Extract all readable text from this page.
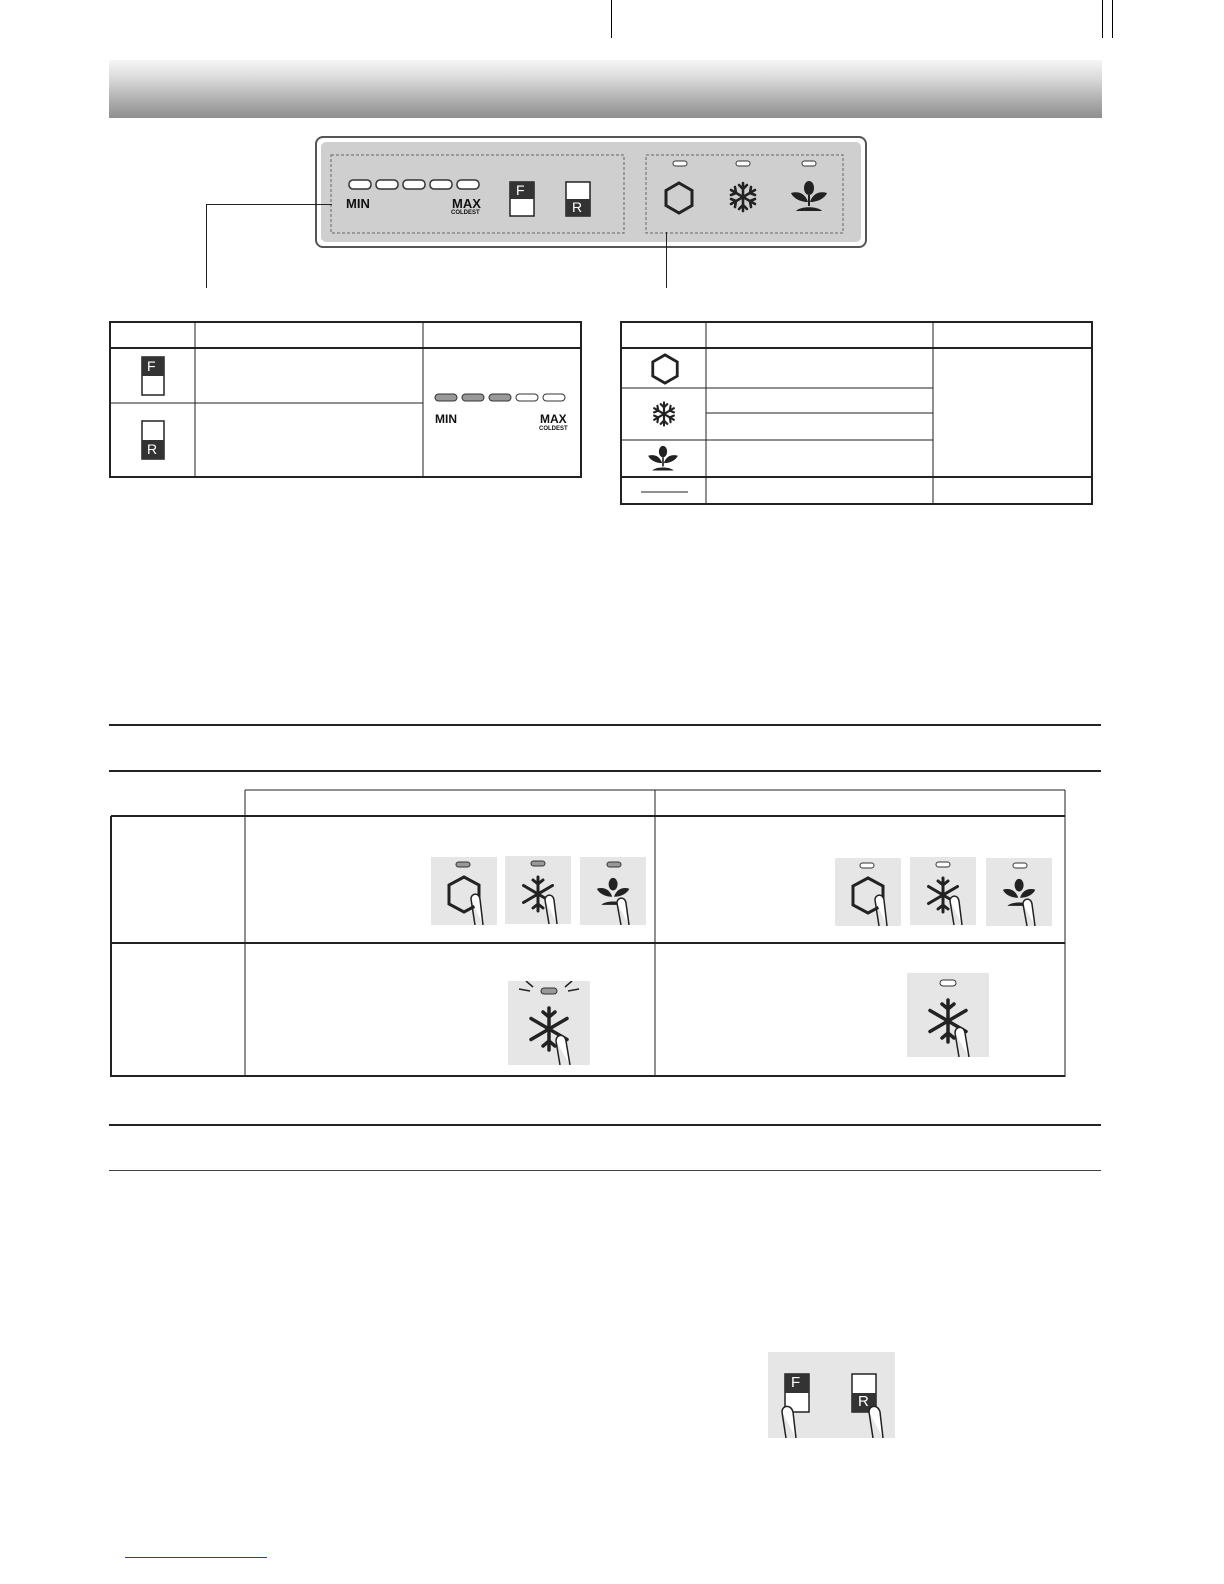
MIN	MAX
COLDEST
F
R
F
R
MIN	MAX
COLDEST
F
R
